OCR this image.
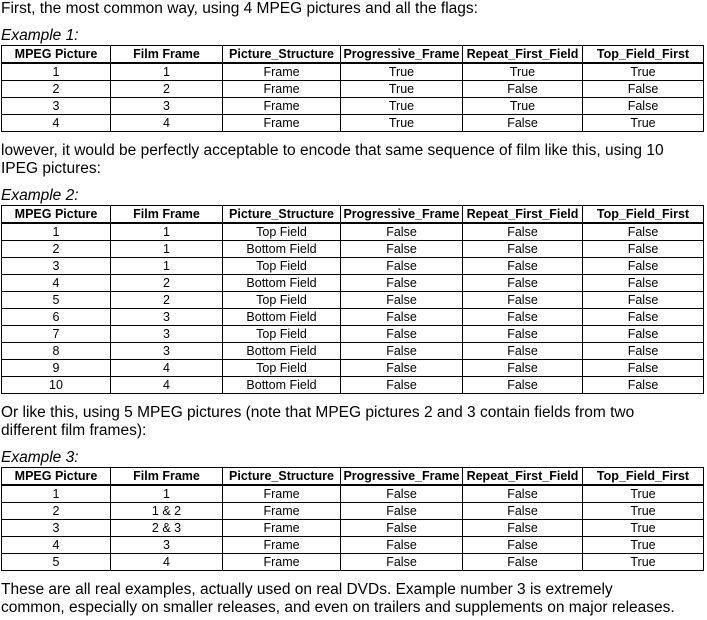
First, the most common way, using 4 MPEG pictures and all the flags:
Example 1:
MPEG Picture	Film Frame	Picture_Structure	Progressive_Frame	Repeat_First_Field	Top_Field_First
1	1	Frame	True	True	True
2	2	Frame	True	False	False
3	3	Frame	True	True	False
4	4	Frame	True	False	True
lowever, it would be perfectly acceptable to encode that same sequence of film like this, using 10
IPEG pictures:
Example 2:
MPEG Picture	Film Frame	Picture_Structure	Progressive_Frame	Repeat_First_Field	Top_Field_First
1	1	Top Field	False	False	False
2	1	Bottom Field	False	False	False
3	1	Top Field	False	False	False
4	2	Bottom Field	False	False	False
5	2	Top Field	False	False	False
6	3	Bottom Field	False	False	False
7	3	Top Field	False	False	False
8	3	Bottom Field	False	False	False
9	4	Top Field	False	False	False
10	4	Bottom Field	False	False	False
Or like this, using 5 MPEG pictures (note that MPEG pictures 2 and 3 contain fields from two
different film frames):
Example 3:
MPEG Picture	Film Frame	Picture_Structure	Progressive_Frame	Repeat_First_Field	Top_Field_First
1	1	Frame	False	False	True
2	1 & 2	Frame	False	False	True
3	2 & 3	Frame	False	False	True
4	3	Frame	False	False	True
5	4	Frame	False	False	True
These are all real examples, actually used on real DVDs. Example number 3 is extremely
common, especially on smaller releases, and even on trailers and supplements on major releases.
